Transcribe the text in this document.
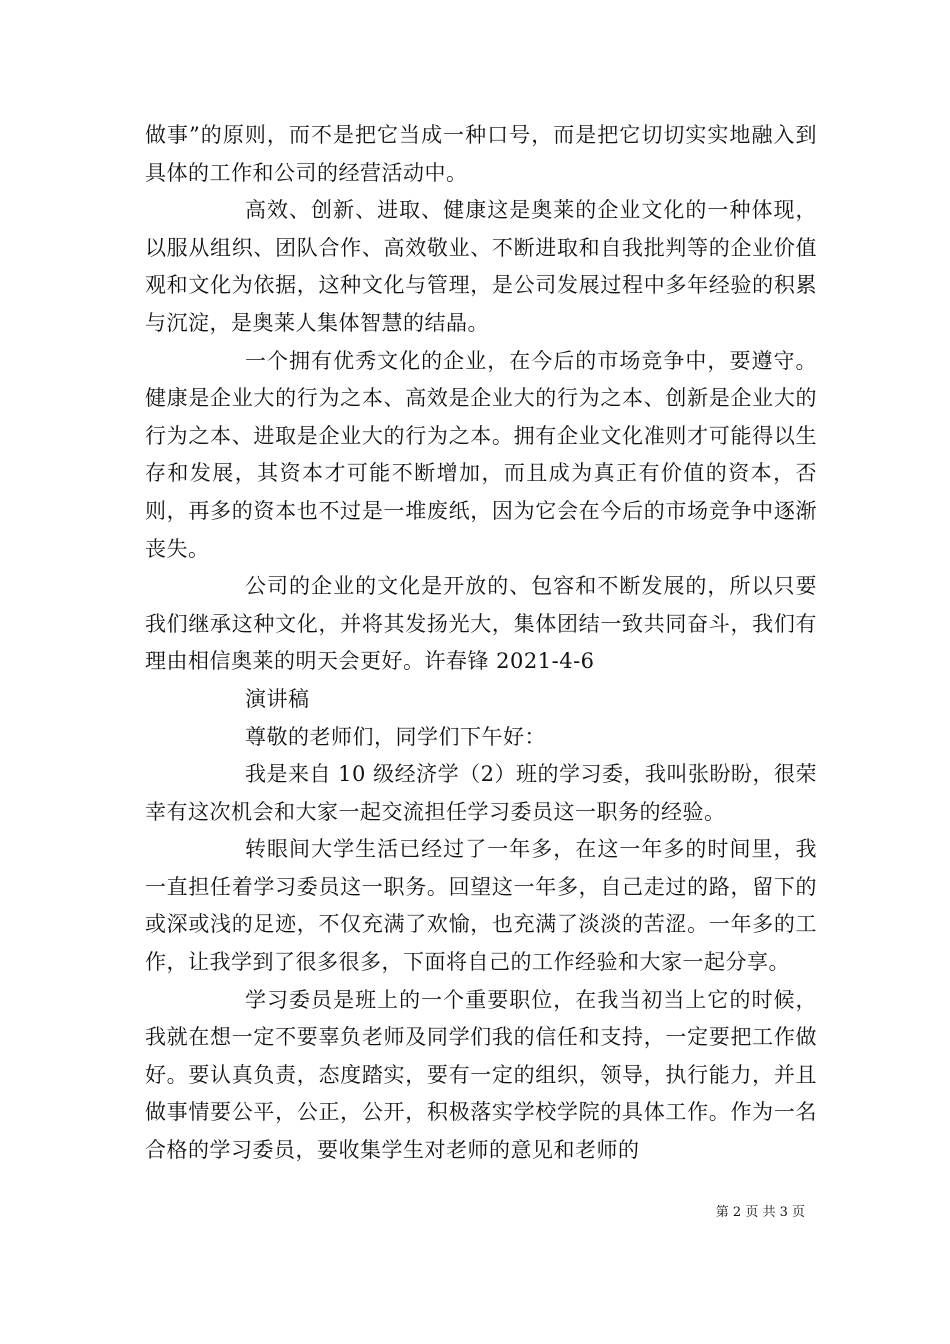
做事”的原则，而不是把它当成一种口号，而是把它切切实实地融入到具体的工作和公司的经营活动中。

高效、创新、进取、健康这是奥莱的企业文化的一种体现，以服从组织、团队合作、高效敬业、不断进取和自我批判等的企业价值观和文化为依据，这种文化与管理，是公司发展过程中多年经验的积累与沉淀，是奥莱人集体智慧的结晶。

一个拥有优秀文化的企业，在今后的市场竞争中，要遵守。健康是企业大的行为之本、高效是企业大的行为之本、创新是企业大的行为之本、进取是企业大的行为之本。拥有企业文化准则才可能得以生存和发展，其资本才可能不断增加，而且成为真正有价值的资本，否则，再多的资本也不过是一堆废纸，因为它会在今后的市场竞争中逐渐丧失。

公司的企业的文化是开放的、包容和不断发展的，所以只要我们继承这种文化，并将其发扬光大，集体团结一致共同奋斗，我们有理由相信奥莱的明天会更好。许春锋 2021-4-6

演讲稿

尊敬的老师们，同学们下午好：

我是来自 10 级经济学（2）班的学习委，我叫张盼盼，很荣幸有这次机会和大家一起交流担任学习委员这一职务的经验。

转眼间大学生活已经过了一年多，在这一年多的时间里，我一直担任着学习委员这一职务。回望这一年多，自己走过的路，留下的或深或浅的足迹，不仅充满了欢愉，也充满了淡淡的苦涩。一年多的工作，让我学到了很多很多，下面将自己的工作经验和大家一起分享。

学习委员是班上的一个重要职位，在我当初当上它的时候，我就在想一定不要辜负老师及同学们我的信任和支持，一定要把工作做好。要认真负责，态度踏实，要有一定的组织，领导，执行能力，并且做事情要公平，公正，公开，积极落实学校学院的具体工作。作为一名合格的学习委员，要收集学生对老师的意见和老师的

第 2 页 共 3 页
